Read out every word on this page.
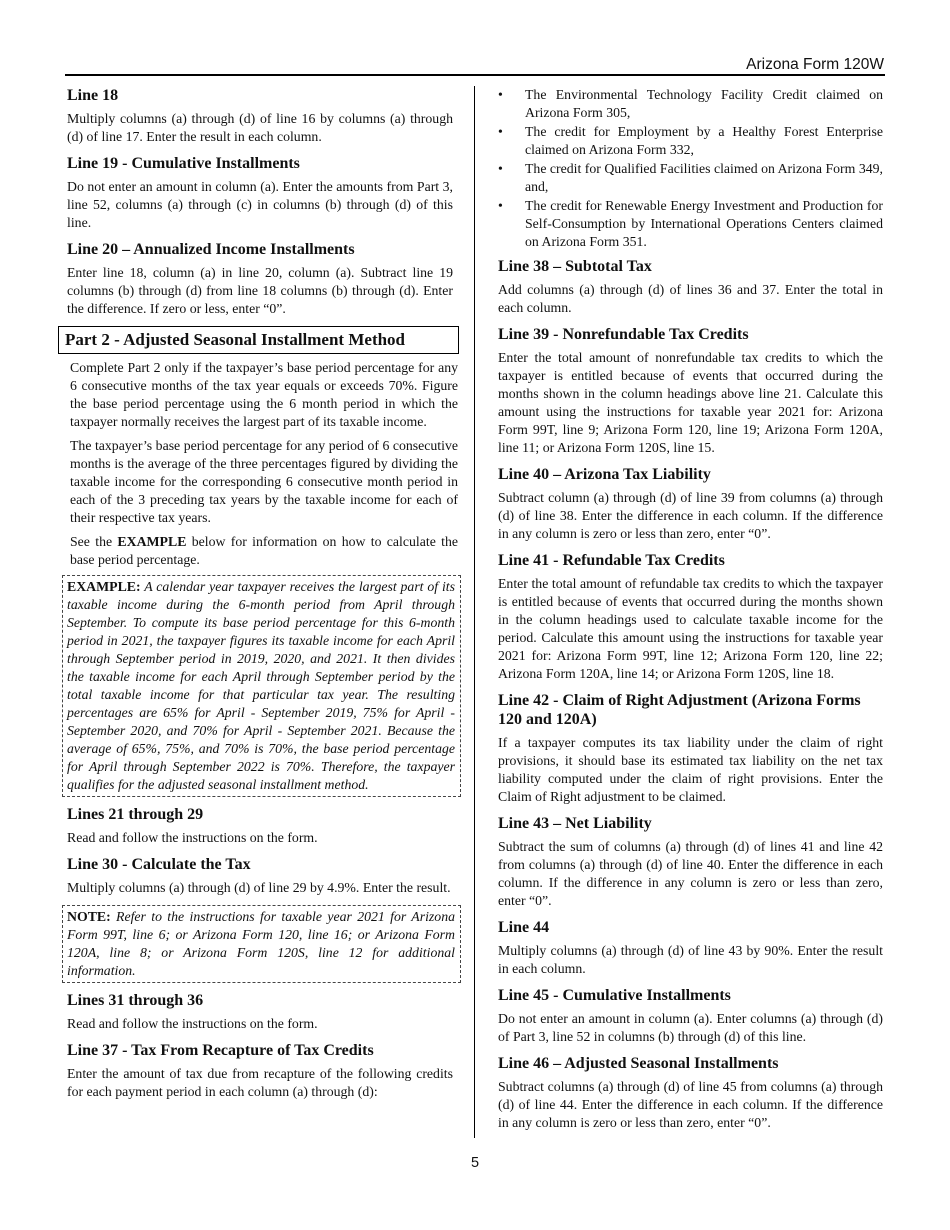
Arizona Form 120W
Line 18

Multiply columns (a) through (d) of line 16 by columns (a) through (d) of line 17. Enter the result in each column.

Line 19 - Cumulative Installments

Do not enter an amount in column (a). Enter the amounts from Part 3, line 52, columns (a) through (c) in columns (b) through (d) of this line.

Line 20 – Annualized Income Installments

Enter line 18, column (a) in line 20, column (a). Subtract line 19 columns (b) through (d) from line 18 columns (b) through (d). Enter the difference. If zero or less, enter “0”.

Part 2 - Adjusted Seasonal Installment Method

Complete Part 2 only if the taxpayer’s base period percentage for any 6 consecutive months of the tax year equals or exceeds 70%. Figure the base period percentage using the 6 month period in which the taxpayer normally receives the largest part of its taxable income.

The taxpayer’s base period percentage for any period of 6 consecutive months is the average of the three percentages figured by dividing the taxable income for the corresponding 6 consecutive month period in each of the 3 preceding tax years by the taxable income for each of their respective tax years.

See the EXAMPLE below for information on how to calculate the base period percentage.

EXAMPLE: A calendar year taxpayer receives the largest part of its taxable income during the 6-month period from April through September. To compute its base period percentage for this 6-month period in 2021, the taxpayer figures its taxable income for each April through September period in 2019, 2020, and 2021. It then divides the taxable income for each April through September period by the total taxable income for that particular tax year. The resulting percentages are 65% for April - September 2019, 75% for April - September 2020, and 70% for April - September 2021. Because the average of 65%, 75%, and 70% is 70%, the base period percentage for April through September 2022 is 70%. Therefore, the taxpayer qualifies for the adjusted seasonal installment method.
Lines 21 through 29

Read and follow the instructions on the form.

Line 30 - Calculate the Tax

Multiply columns (a) through (d) of line 29 by 4.9%. Enter the result.

NOTE: Refer to the instructions for taxable year 2021 for Arizona Form 99T, line 6; or Arizona Form 120, line 16; or Arizona Form 120A, line 8; or Arizona Form 120S, line 12 for additional information.
Lines 31 through 36

Read and follow the instructions on the form.

Line 37 - Tax From Recapture of Tax Credits

Enter the amount of tax due from recapture of the following credits for each payment period in each column (a) through (d):

• The Environmental Technology Facility Credit claimed on Arizona Form 305,
• The credit for Employment by a Healthy Forest Enterprise claimed on Arizona Form 332,
• The credit for Qualified Facilities claimed on Arizona Form 349, and,
• The credit for Renewable Energy Investment and Production for Self-Consumption by International Operations Centers claimed on Arizona Form 351.
Line 38 – Subtotal Tax

Add columns (a) through (d) of lines 36 and 37. Enter the total in each column.

Line 39 - Nonrefundable Tax Credits

Enter the total amount of nonrefundable tax credits to which the taxpayer is entitled because of events that occurred during the months shown in the column headings above line 21. Calculate this amount using the instructions for taxable year 2021 for: Arizona Form 99T, line 9; Arizona Form 120, line 19; Arizona Form 120A, line 11; or Arizona Form 120S, line 15.

Line 40 – Arizona Tax Liability

Subtract column (a) through (d) of line 39 from columns (a) through (d) of line 38. Enter the difference in each column. If the difference in any column is zero or less than zero, enter “0”.

Line 41 - Refundable Tax Credits

Enter the total amount of refundable tax credits to which the taxpayer is entitled because of events that occurred during the months shown in the column headings used to calculate taxable income for the period. Calculate this amount using the instructions for taxable year 2021 for: Arizona Form 99T, line 12; Arizona Form 120, line 22; Arizona Form 120A, line 14; or Arizona Form 120S, line 18.

Line 42 - Claim of Right Adjustment (Arizona Forms 120 and 120A)

If a taxpayer computes its tax liability under the claim of right provisions, it should base its estimated tax liability on the net tax liability computed under the claim of right provisions. Enter the Claim of Right adjustment to be claimed.

Line 43 – Net Liability

Subtract the sum of columns (a) through (d) of lines 41 and line 42 from columns (a) through (d) of line 40. Enter the difference in each column. If the difference in any column is zero or less than zero, enter “0”.

Line 44

Multiply columns (a) through (d) of line 43 by 90%. Enter the result in each column.

Line 45 - Cumulative Installments

Do not enter an amount in column (a). Enter columns (a) through (d) of Part 3, line 52 in columns (b) through (d) of this line.

Line 46 – Adjusted Seasonal Installments

Subtract columns (a) through (d) of line 45 from columns (a) through (d) of line 44. Enter the difference in each column. If the difference in any column is zero or less than zero, enter “0”.

5
